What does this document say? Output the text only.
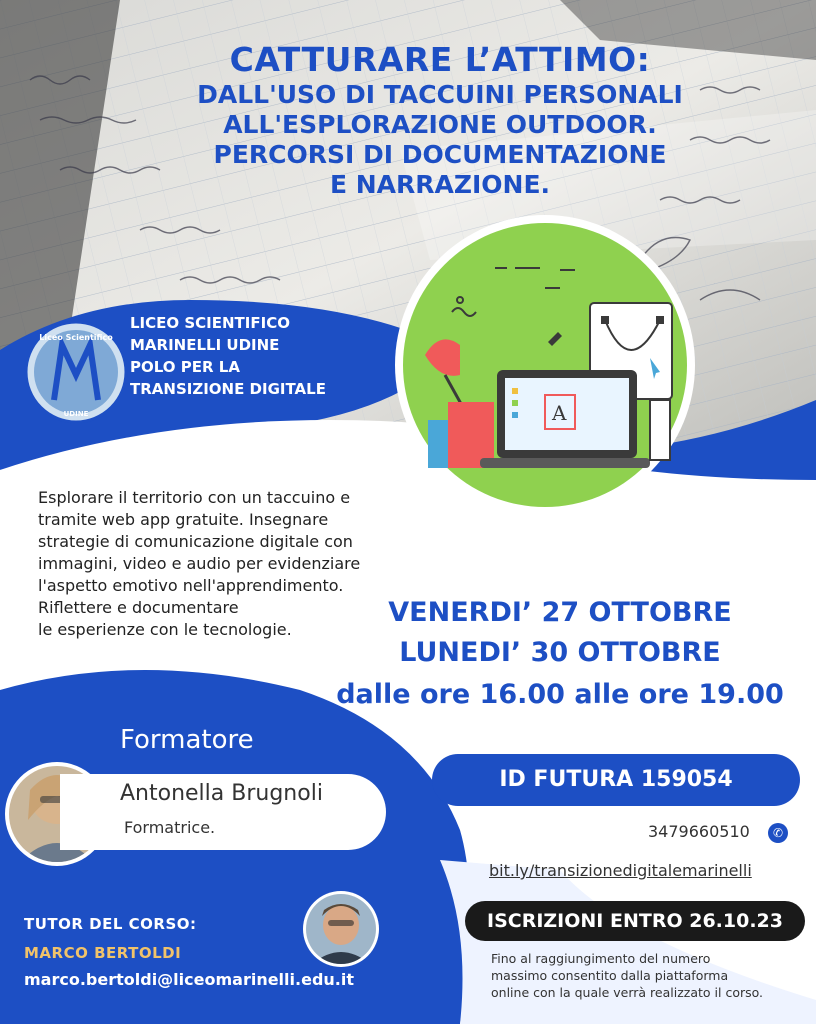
A
Liceo Scientifico
UDINE
CATTURARE L’ATTIMO:
DALL'USO DI TACCUINI PERSONALI
ALL'ESPLORAZIONE OUTDOOR.
PERCORSI DI DOCUMENTAZIONE
E NARRAZIONE.
LICEO SCIENTIFICO
MARINELLI UDINE
POLO PER LA
TRANSIZIONE DIGITALE
Esplorare il territorio con un taccuino e
tramite web app gratuite. Insegnare
strategie di comunicazione digitale con
immagini, video e audio per evidenziare
l'aspetto emotivo nell'apprendimento.
Riflettere e documentare
le esperienze con le tecnologie.
VENERDI’ 27 OTTOBRE
LUNEDI’ 30 OTTOBRE
dalle ore 16.00 alle ore 19.00
Formatore
Antonella Brugnoli
Formatrice.
ID FUTURA 159054
3479660510	✆
bit.ly/transizionedigitalemarinelli
ISCRIZIONI ENTRO 26.10.23
Fino al raggiungimento del numero
massimo consentito dalla piattaforma
online con la quale verrà realizzato il corso.
TUTOR DEL CORSO:
MARCO BERTOLDI
marco.bertoldi@liceomarinelli.edu.it
